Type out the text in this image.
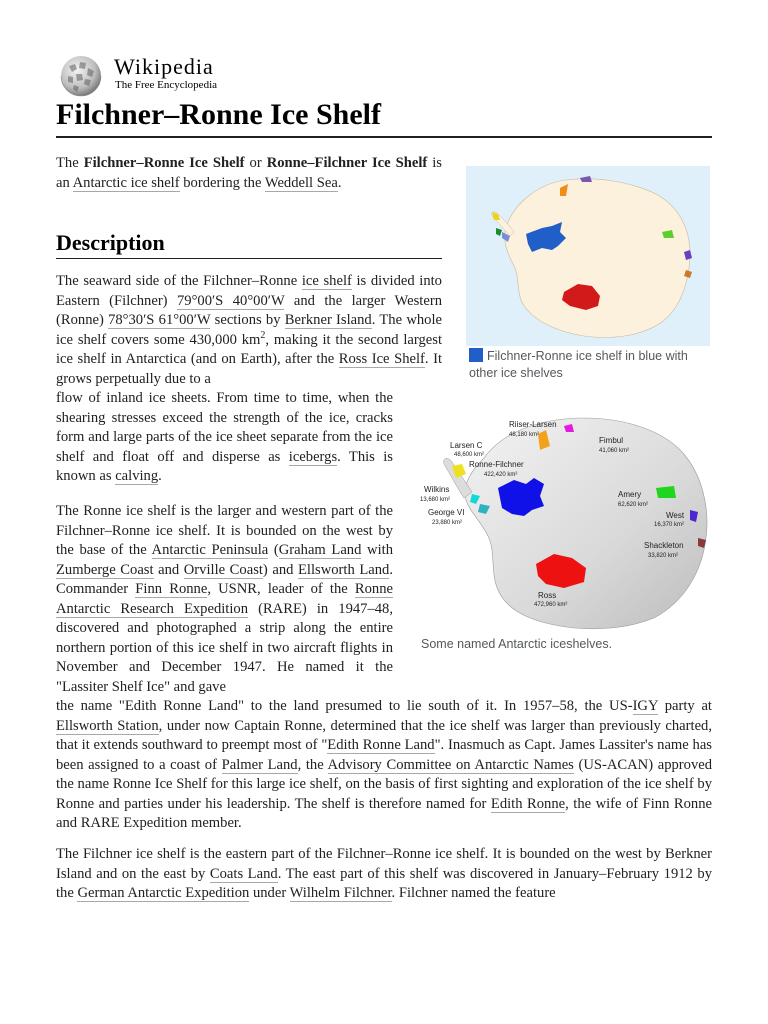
Wikipedia
The Free Encyclopedia
Filchner–Ronne Ice Shelf

The Filchner–Ronne Ice Shelf or Ronne–Filchner Ice Shelf is an Antarctic ice shelf bordering the Weddell Sea.

Description

The seaward side of the Filchner–Ronne ice shelf is divided into Eastern (Filchner) 79°00′S 40°00′W and the larger Western (Ronne) 78°30′S 61°00′W sections by Berkner Island. The whole ice shelf covers some 430,000 $km^2$, making it the second largest ice shelf in Antarctica (and on Earth), after the Ross Ice Shelf. It grows perpetually due to a

flow of inland ice sheets. From time to time, when the shearing stresses exceed the strength of the ice, cracks form and large parts of the ice sheet separate from the ice shelf and float off and disperse as icebergs. This is known as calving.

The Ronne ice shelf is the larger and western part of the Filchner–Ronne ice shelf. It is bounded on the west by the base of the Antarctic Peninsula (Graham Land with Zumberge Coast and Orville Coast) and Ellsworth Land. Commander Finn Ronne, USNR, leader of the Ronne Antarctic Research Expedition (RARE) in 1947–48, discovered and photographed a strip along the entire northern portion of this ice shelf in two aircraft flights in November and December 1947. He named it the "Lassiter Shelf Ice" and gave

the name "Edith Ronne Land" to the land presumed to lie south of it. In 1957–58, the US-IGY party at Ellsworth Station, under now Captain Ronne, determined that the ice shelf was larger than previously charted, that it extends southward to preempt most of "Edith Ronne Land". Inasmuch as Capt. James Lassiter's name has been assigned to a coast of Palmer Land, the Advisory Committee on Antarctic Names (US-ACAN) approved the name Ronne Ice Shelf for this large ice shelf, on the basis of first sighting and exploration of the ice shelf by Ronne and parties under his leadership. The shelf is therefore named for Edith Ronne, the wife of Finn Ronne and RARE Expedition member.

The Filchner ice shelf is the eastern part of the Filchner–Ronne ice shelf. It is bounded on the west by Berkner Island and on the east by Coats Land. The east part of this shelf was discovered in January–February 1912 by the German Antarctic Expedition under Wilhelm Filchner. Filchner named the feature

Filchner-Ronne ice shelf in blue with other ice shelves
Riiser-Larsen
48,180 km²
Fimbul
41,060 km²
Larsen C
48,600 km²
Ronne-Filchner
422,420 km²
Wilkins
13,680 km²
George VI
23,880 km²
Amery
62,620 km²
West
16,370 km²
Shackleton
33,820 km²
Ross
472,960 km²
Some named Antarctic iceshelves.
